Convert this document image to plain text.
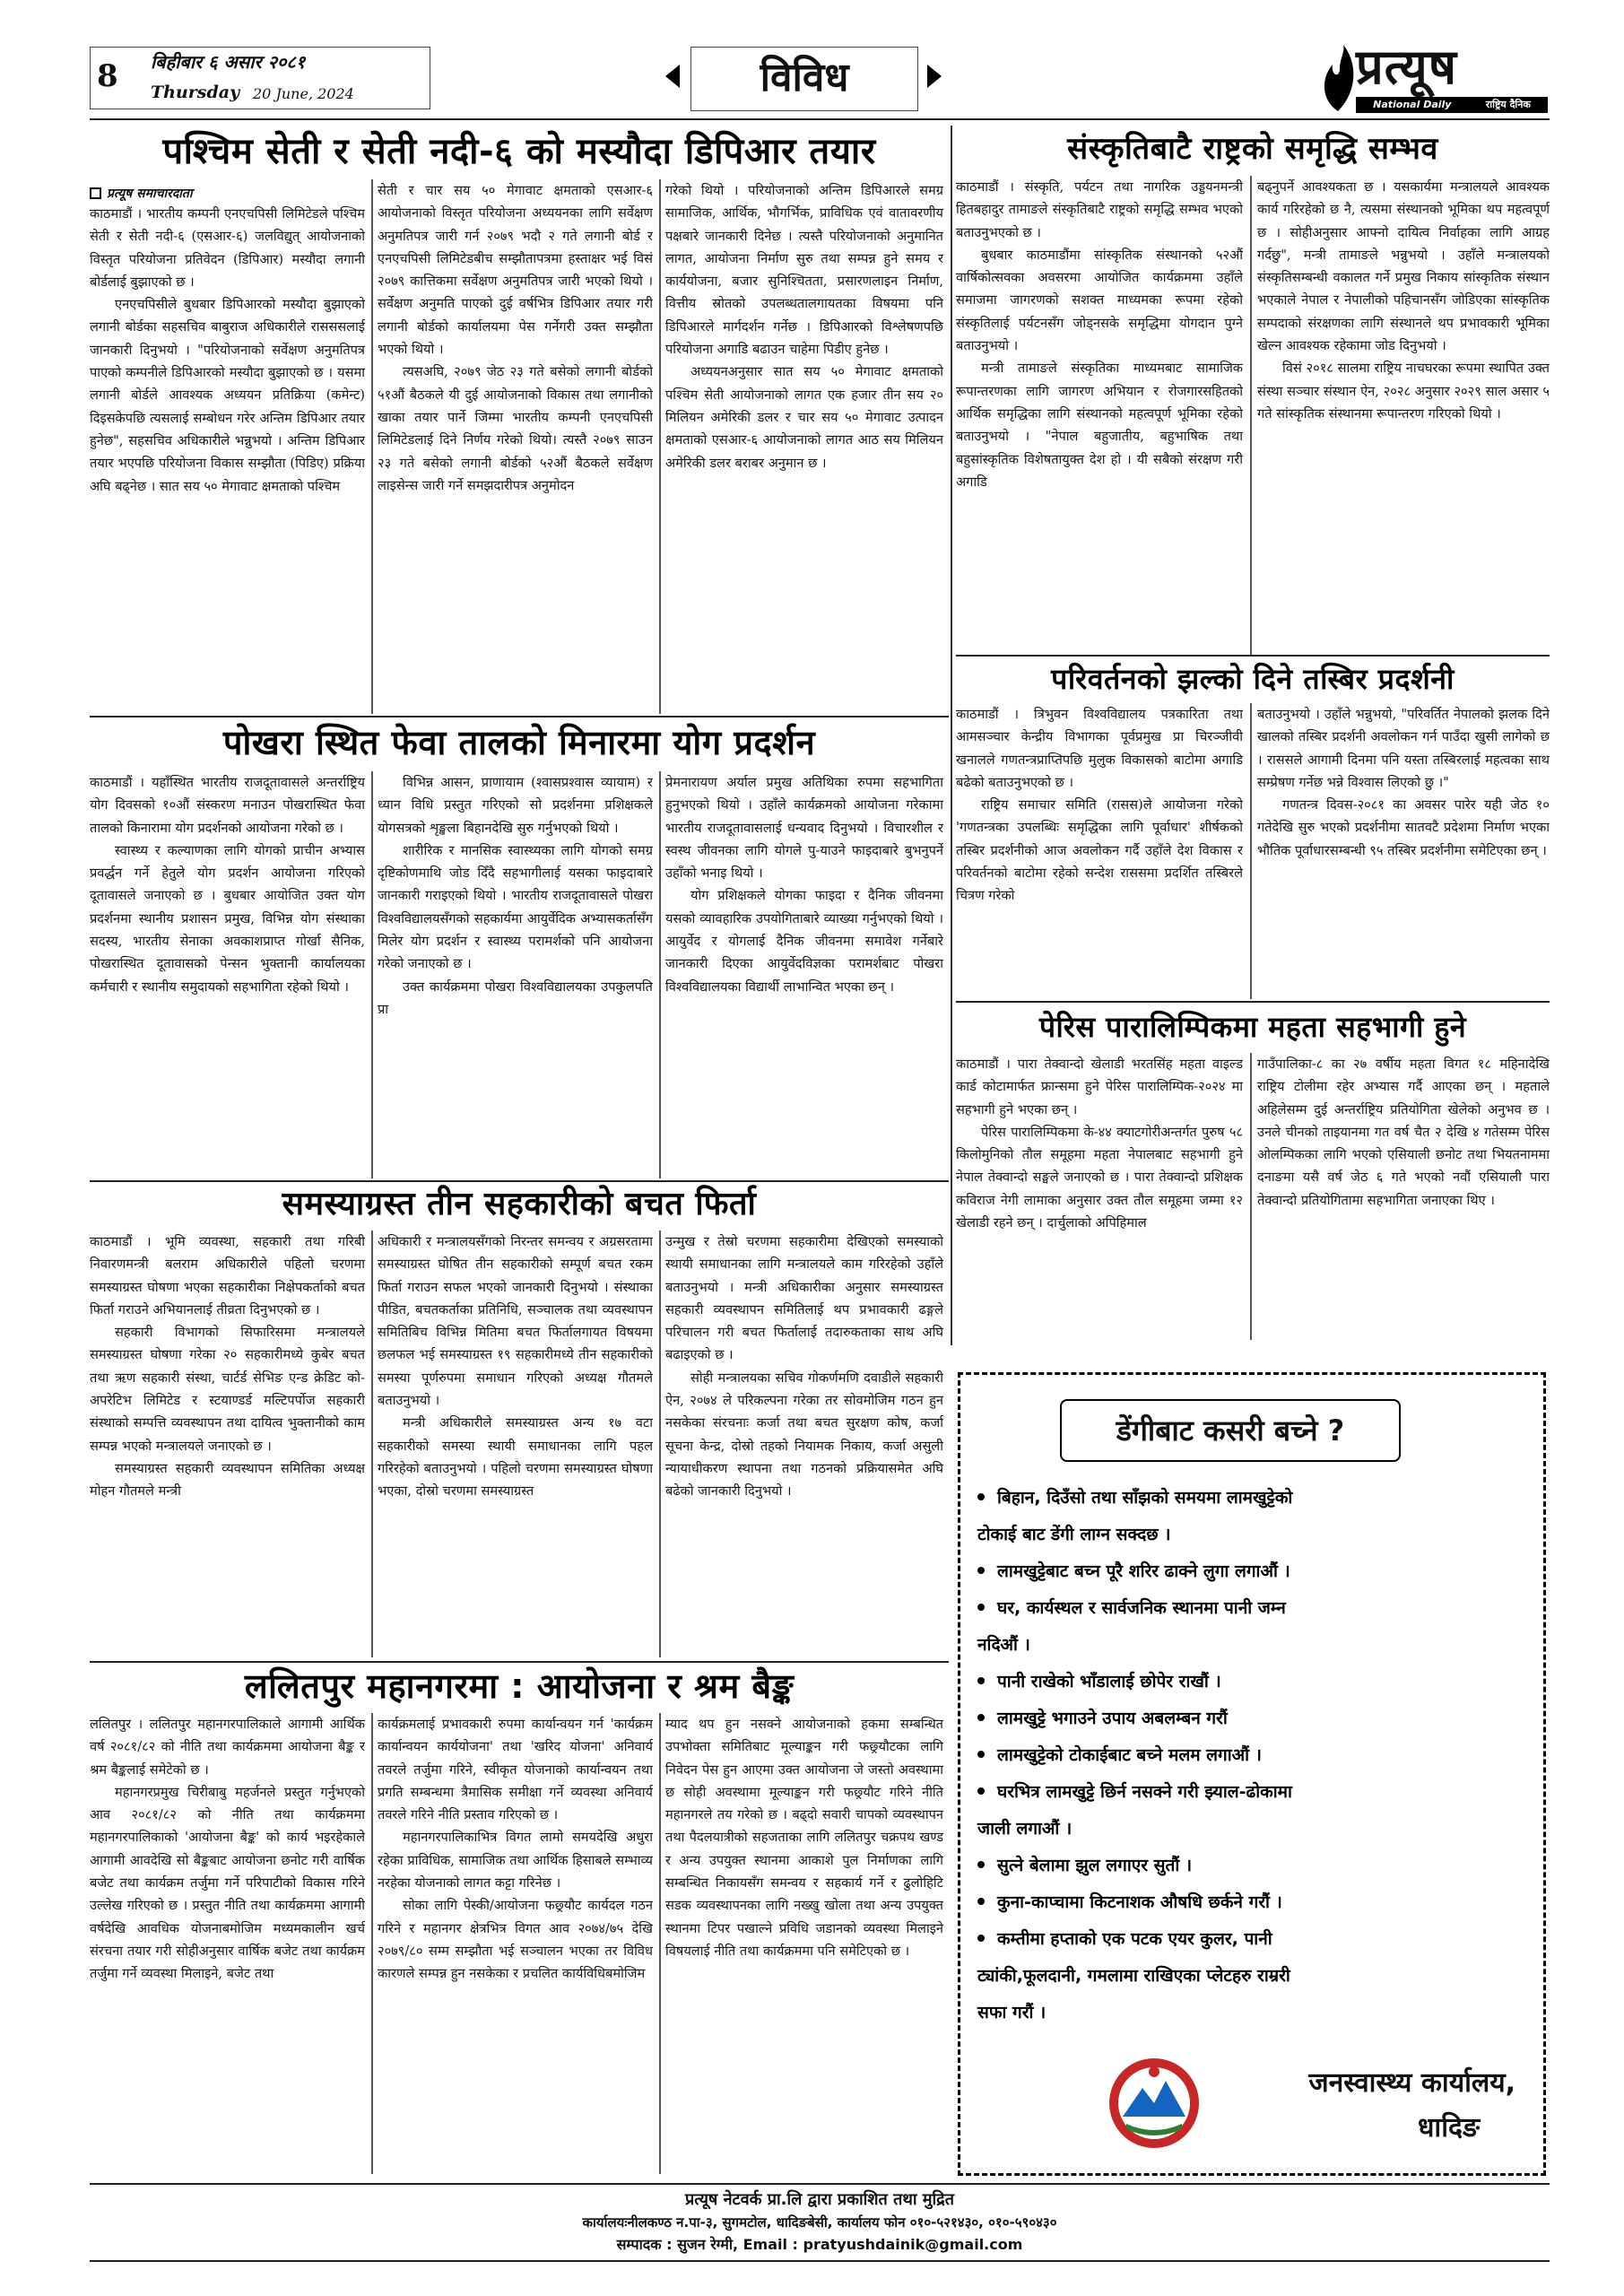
8 बिहीबार ६ असार २०८१
Thursday 20 June, 2024	विविध	प्रत्यूष
National Daily	राष्ट्रिय दैनिक
पश्चिम सेती र सेती नदी-६ को मस्यौदा डिपिआर तयार
प्रत्यूष समाचारदाता

काठमाडौं । भारतीय कम्पनी एनएचपिसी लिमिटेडले पश्चिम सेती र सेती नदी-६ (एसआर-६) जलविद्युत् आयोजनाको विस्तृत परियोजना प्रतिवेदन (डिपिआर) मस्यौदा लगानी बोर्डलाई बुझाएको छ ।

एनएचपिसीले बुधबार डिपिआरको मस्यौदा बुझाएको लगानी बोर्डका सहसचिव बाबुराज अधिकारीले रासससलाई जानकारी दिनुभयो । "परियोजनाको सर्वेक्षण अनुमतिपत्र पाएको कम्पनीले डिपिआरको मस्यौदा बुझाएको छ । यसमा लगानी बोर्डले आवश्यक अध्ययन प्रतिक्रिया (कमेन्ट) दिइसकेपछि त्यसलाई सम्बोधन गरेर अन्तिम डिपिआर तयार हुनेछ", सहसचिव अधिकारीले भन्नुभयो । अन्तिम डिपिआर तयार भएपछि परियोजना विकास सम्झौता (पिडिए) प्रक्रिया अघि बढ्नेछ । सात सय ५० मेगावाट क्षमताको पश्चिम

सेती र चार सय ५० मेगावाट क्षमताको एसआर-६ आयोजनाको विस्तृत परियोजना अध्ययनका लागि सर्वेक्षण अनुमतिपत्र जारी गर्न २०७९ भदौ २ गते लगानी बोर्ड र एनएचपिसी लिमिटेडबीच सम्झौतापत्रमा हस्ताक्षर भई विसं २०७९ कात्तिकमा सर्वेक्षण अनुमतिपत्र जारी भएको थियो । सर्वेक्षण अनुमति पाएको दुई वर्षभित्र डिपिआर तयार गरी लगानी बोर्डको कार्यालयमा पेस गर्नेगरी उक्त सम्झौता भएको थियो ।

त्यसअघि, २०७९ जेठ २३ गते बसेको लगानी बोर्डको ५१औं बैठकले यी दुई आयोजनाको विकास तथा लगानीको खाका तयार पार्ने जिम्मा भारतीय कम्पनी एनएचपिसी लिमिटेडलाई दिने निर्णय गरेको थियो। त्यस्तै २०७९ साउन २३ गते बसेको लगानी बोर्डको ५२औं बैठकले सर्वेक्षण लाइसेन्स जारी गर्ने समझदारीपत्र अनुमोदन

गरेको थियो । परियोजनाको अन्तिम डिपिआरले समग्र सामाजिक, आर्थिक, भौगर्भिक, प्राविधिक एवं वातावरणीय पक्षबारे जानकारी दिनेछ । त्यस्तै परियोजनाको अनुमानित लागत, आयोजना निर्माण सुरु तथा सम्पन्न हुने समय र कार्ययोजना, बजार सुनिश्चितता, प्रसारणलाइन निर्माण, वित्तीय स्रोतको उपलब्धतालगायतका विषयमा पनि डिपिआरले मार्गदर्शन गर्नेछ । डिपिआरको विश्लेषणपछि परियोजना अगाडि बढाउन चाहेमा पिडीए हुनेछ ।

अध्ययनअनुसार सात सय ५० मेगावाट क्षमताको पश्चिम सेती आयोजनाको लागत एक हजार तीन सय २० मिलियन अमेरिकी डलर र चार सय ५० मेगावाट उत्पादन क्षमताको एसआर-६ आयोजनाको लागत आठ सय मिलियन अमेरिकी डलर बराबर अनुमान छ ।

संस्कृतिबाटै राष्ट्रको समृद्धि सम्भव

काठमाडौं । संस्कृति, पर्यटन तथा नागरिक उड्डयनमन्त्री हितबहादुर तामाङले संस्कृतिबाटै राष्ट्रको समृद्धि सम्भव भएको बताउनुभएको छ ।

बुधबार काठमाडौंमा सांस्कृतिक संस्थानको ५२औं वार्षिकोत्सवका अवसरमा आयोजित कार्यक्रममा उहाँले समाजमा जागरणको सशक्त माध्यमका रूपमा रहेको संस्कृतिलाई पर्यटनसँग जोड्नसके समृद्धिमा योगदान पुग्ने बताउनुभयो ।

मन्त्री तामाङले संस्कृतिका माध्यमबाट सामाजिक रूपान्तरणका लागि जागरण अभियान र रोजगारसहितको आर्थिक समृद्धिका लागि संस्थानको महत्वपूर्ण भूमिका रहेको बताउनुभयो । "नेपाल बहुजातीय, बहुभाषिक तथा बहुसांस्कृतिक विशेषतायुक्त देश हो । यी सबैको संरक्षण गरी अगाडि

बढ्नुपर्ने आवश्यकता छ । यसकार्यमा मन्त्रालयले आवश्यक कार्य गरिरहेको छ नै, त्यसमा संस्थानको भूमिका थप महत्वपूर्ण छ । सोहीअनुसार आफ्नो दायित्व निर्वाहका लागि आग्रह गर्दछु", मन्त्री तामाङले भन्नुभयो । उहाँले मन्त्रालयको संस्कृतिसम्बन्धी वकालत गर्ने प्रमुख निकाय सांस्कृतिक संस्थान भएकाले नेपाल र नेपालीको पहिचानसँग जोडिएका सांस्कृतिक सम्पदाको संरक्षणका लागि संस्थानले थप प्रभावकारी भूमिका खेल्न आवश्यक रहेकामा जोड दिनुभयो ।

विसं २०१८ सालमा राष्ट्रिय नाचघरका रूपमा स्थापित उक्त संस्था सञ्चार संस्थान ऐन, २०२८ अनुसार २०२९ साल असार ५ गते सांस्कृतिक संस्थानमा रूपान्तरण गरिएको थियो ।

परिवर्तनको झल्को दिने तस्बिर प्रदर्शनी

काठमाडौं । त्रिभुवन विश्वविद्यालय पत्रकारिता तथा आमसञ्चार केन्द्रीय विभागका पूर्वप्रमुख प्रा चिरञ्जीवी खनालले गणतन्त्रप्राप्तिपछि मुलुक विकासको बाटोमा अगाडि बढेको बताउनुभएको छ ।

राष्ट्रिय समाचार समिति (रासस)ले आयोजना गरेको 'गणतन्त्रका उपलब्धिः समृद्धिका लागि पूर्वाधार' शीर्षकको तस्बिर प्रदर्शनीको आज अवलोकन गर्दै उहाँले देश विकास र परिवर्तनको बाटोमा रहेको सन्देश राससमा प्रदर्शित तस्बिरले चित्रण गरेको

बताउनुभयो । उहाँले भन्नुभयो, "परिवर्तित नेपालको झलक दिने खालको तस्बिर प्रदर्शनी अवलोकन गर्न पाउँदा खुसी लागेको छ । राससले आगामी दिनमा पनि यस्ता तस्बिरलाई महत्वका साथ सम्प्रेषण गर्नेछ भन्ने विश्वास लिएको छु ।"

गणतन्त्र दिवस-२०८१ का अवसर पारेर यही जेठ १० गतेदेखि सुरु भएको प्रदर्शनीमा सातवटै प्रदेशमा निर्माण भएका भौतिक पूर्वाधारसम्बन्धी ९५ तस्बिर प्रदर्शनीमा समेटिएका छन् ।

पेरिस पारालिम्पिकमा महता सहभागी हुने

काठमाडौं । पारा तेक्वान्दो खेलाडी भरतसिंह महता वाइल्ड कार्ड कोटामार्फत फ्रान्समा हुने पेरिस पारालिम्पिक-२०२४ मा सहभागी हुने भएका छन् ।

पेरिस पारालिम्पिकमा के-४४ क्याटगोरीअन्तर्गत पुरुष ५८ किलोमुनिको तौल समूहमा महता नेपालबाट सहभागी हुने नेपाल तेक्वान्दो सङ्घले जनाएको छ । पारा तेक्वान्दो प्रशिक्षक कविराज नेगी लामाका अनुसार उक्त तौल समूहमा जम्मा १२ खेलाडी रहने छन् । दार्चुलाको अपिहिमाल

गाउँपालिका-८ का २७ वर्षीय महता विगत १८ महिनादेखि राष्ट्रिय टोलीमा रहेर अभ्यास गर्दै आएका छन् । महताले अहिलेसम्म दुई अन्तर्राष्ट्रिय प्रतियोगिता खेलेको अनुभव छ । उनले चीनको ताइयानमा गत वर्ष चैत २ देखि ४ गतेसम्म पेरिस ओलम्पिकका लागि भएको एसियाली छनोट तथा भियतनाममा दनाङमा यसै वर्ष जेठ ६ गते भएको नवौं एसियाली पारा तेक्वान्दो प्रतियोगितामा सहभागिता जनाएका थिए ।

पोखरा स्थित फेवा तालको मिनारमा योग प्रदर्शन

काठमाडौं । यहाँस्थित भारतीय राजदूतावासले अन्तर्राष्ट्रिय योग दिवसको १०औं संस्करण मनाउन पोखरास्थित फेवा तालको किनारामा योग प्रदर्शनको आयोजना गरेको छ ।

स्वास्थ्य र कल्याणका लागि योगको प्राचीन अभ्यास प्रवर्द्धन गर्ने हेतुले योग प्रदर्शन आयोजना गरिएको दूतावासले जनाएको छ । बुधबार आयोजित उक्त योग प्रदर्शनमा स्थानीय प्रशासन प्रमुख, विभिन्न योग संस्थाका सदस्य, भारतीय सेनाका अवकाशप्राप्त गोर्खा सैनिक, पोखरास्थित दूतावासको पेन्सन भुक्तानी कार्यालयका कर्मचारी र स्थानीय समुदायको सहभागिता रहेको थियो ।

विभिन्न आसन, प्राणायाम (श्वासप्रश्वास व्यायाम) र ध्यान विधि प्रस्तुत गरिएको सो प्रदर्शनमा प्रशिक्षकले योगसत्रको शृङ्खला बिहानदेखि सुरु गर्नुभएको थियो ।

शारीरिक र मानसिक स्वास्थ्यका लागि योगको समग्र दृष्टिकोणमाथि जोड दिँदै सहभागीलाई यसका फाइदाबारे जानकारी गराइएको थियो । भारतीय राजदूतावासले पोखरा विश्वविद्यालयसँगको सहकार्यमा आयुर्वेदिक अभ्यासकर्तासँग मिलेर योग प्रदर्शन र स्वास्थ्य परामर्शको पनि आयोजना गरेको जनाएको छ ।

उक्त कार्यक्रममा पोखरा विश्वविद्यालयका उपकुलपति प्रा

प्रेमनारायण अर्याल प्रमुख अतिथिका रुपमा सहभागिता हुनुभएको थियो । उहाँले कार्यक्रमको आयोजना गरेकामा भारतीय राजदूतावासलाई धन्यवाद दिनुभयो । विचारशील र स्वस्थ जीवनका लागि योगले पु-याउने फाइदाबारे बुभनुपर्ने उहाँको भनाइ थियो ।

योग प्रशिक्षकले योगका फाइदा र दैनिक जीवनमा यसको व्यावहारिक उपयोगिताबारे व्याख्या गर्नुभएको थियो । आयुर्वेद र योगलाई दैनिक जीवनमा समावेश गर्नेबारे जानकारी दिएका आयुर्वेदविज्ञका परामर्शबाट पोखरा विश्वविद्यालयका विद्यार्थी लाभान्वित भएका छन् ।

समस्याग्रस्त तीन सहकारीको बचत फिर्ता

काठमाडौं । भूमि व्यवस्था, सहकारी तथा गरिबी निवारणमन्त्री बलराम अधिकारीले पहिलो चरणमा समस्याग्रस्त घोषणा भएका सहकारीका निक्षेपकर्ताको बचत फिर्ता गराउने अभियानलाई तीव्रता दिनुभएको छ ।

सहकारी विभागको सिफारिसमा मन्त्रालयले समस्याग्रस्त घोषणा गरेका २० सहकारीमध्ये कुबेर बचत तथा ऋण सहकारी संस्था, चार्टर्ड सेभिङ एन्ड क्रेडिट को-अपरेटिभ लिमिटेड र स्टयाण्डर्ड मल्टिपर्पोज सहकारी संस्थाको सम्पत्ति व्यवस्थापन तथा दायित्व भुक्तानीको काम सम्पन्न भएको मन्त्रालयले जनाएको छ ।

समस्याग्रस्त सहकारी व्यवस्थापन समितिका अध्यक्ष मोहन गौतमले मन्त्री

अधिकारी र मन्त्रालयसँगको निरन्तर समन्वय र अग्रसरतामा समस्याग्रस्त घोषित तीन सहकारीको सम्पूर्ण बचत रकम फिर्ता गराउन सफल भएको जानकारी दिनुभयो । संस्थाका पीडित, बचतकर्ताका प्रतिनिधि, सञ्चालक तथा व्यवस्थापन समितिबिच विभिन्न मितिमा बचत फिर्तालगायत विषयमा छलफल भई समस्याग्रस्त १९ सहकारीमध्ये तीन सहकारीको समस्या पूर्णरुपमा समाधान गरिएको अध्यक्ष गौतमले बताउनुभयो ।

मन्त्री अधिकारीले समस्याग्रस्त अन्य १७ वटा सहकारीको समस्या स्थायी समाधानका लागि पहल गरिरहेको बताउनुभयो । पहिलो चरणमा समस्याग्रस्त घोषणा भएका, दोस्रो चरणमा समस्याग्रस्त

उन्मुख र तेस्रो चरणमा सहकारीमा देखिएको समस्याको स्थायी समाधानका लागि मन्त्रालयले काम गरिरहेको उहाँले बताउनुभयो । मन्त्री अधिकारीका अनुसार समस्याग्रस्त सहकारी व्यवस्थापन समितिलाई थप प्रभावकारी ढङ्गले परिचालन गरी बचत फिर्तालाई तदारुकताका साथ अघि बढाइएको छ ।

सोही मन्त्रालयका सचिव गोकर्णमणि दवाडीले सहकारी ऐन, २०७४ ले परिकल्पना गरेका तर सोवमोजिम गठन हुन नसकेका संरचनाः कर्जा तथा बचत सुरक्षण कोष, कर्जा सूचना केन्द्र, दोस्रो तहको नियामक निकाय, कर्जा असुली न्यायाधीकरण स्थापना तथा गठनको प्रक्रियासमेत अघि बढेको जानकारी दिनुभयो ।

ललितपुर महानगरमा : आयोजना र श्रम बैङ्क

ललितपुर । ललितपुर महानगरपालिकाले आगामी आर्थिक वर्ष २०८१/८२ को नीति तथा कार्यक्रममा आयोजना बैङ्क र श्रम बैङ्कलाई समेटेको छ ।

महानगरप्रमुख चिरीबाबु महर्जनले प्रस्तुत गर्नुभएको आव २०८१/८२ को नीति तथा कार्यक्रममा महानगरपालिकाको 'आयोजना बैङ्क' को कार्य भइरहेकाले आगामी आवदेखि सो बैङ्कबाट आयोजना छनोट गरी वार्षिक बजेट तथा कार्यक्रम तर्जुमा गर्ने परिपाटीको विकास गरिने उल्लेख गरिएको छ । प्रस्तुत नीति तथा कार्यक्रममा आगामी वर्षदेखि आवधिक योजनाबमोजिम मध्यमकालीन खर्च संरचना तयार गरी सोहीअनुसार वार्षिक बजेट तथा कार्यक्रम तर्जुमा गर्ने व्यवस्था मिलाइने, बजेट तथा

कार्यक्रमलाई प्रभावकारी रुपमा कार्यान्वयन गर्न 'कार्यक्रम कार्यान्वयन कार्ययोजना' तथा 'खरिद योजना' अनिवार्य तवरले तर्जुमा गरिने, स्वीकृत योजनाको कार्यान्वयन तथा प्रगति सम्बन्धमा त्रैमासिक समीक्षा गर्ने व्यवस्था अनिवार्य तवरले गरिने नीति प्रस्ताव गरिएको छ ।

महानगरपालिकाभित्र विगत लामो समयदेखि अधुरा रहेका प्राविधिक, सामाजिक तथा आर्थिक हिसाबले सम्भाव्य नरहेका योजनाको लागत कट्टा गरिनेछ ।

सोका लागि पेस्की/आयोजना फछ्र्यौट कार्यदल गठन गरिने र महानगर क्षेत्रभित्र विगत आव २०७४/७५ देखि २०७९/८० सम्म सम्झौता भई सञ्चालन भएका तर विविध कारणले सम्पन्न हुन नसकेका र प्रचलित कार्यविधिबमोजिम

म्याद थप हुन नसक्ने आयोजनाको हकमा सम्बन्धित उपभोक्ता समितिबाट मूल्याङ्कन गरी फछ्र्यौटका लागि निवेदन पेस हुन आएमा उक्त आयोजना जे जस्तो अवस्थामा छ सोही अवस्थामा मूल्याङ्कन गरी फछ्र्यौट गरिने नीति महानगरले तय गरेको छ । बढ्दो सवारी चापको व्यवस्थापन तथा पैदलयात्रीको सहजताका लागि ललितपुर चक्रपथ खण्ड र अन्य उपयुक्त स्थानमा आकाशे पुल निर्माणका लागि सम्बन्धित निकायसँग समन्वय र सहकार्य गर्ने र ढुलोहिटि सडक व्यवस्थापनका लागि नख्खु खोला तथा अन्य उपयुक्त स्थानमा टिपर पखाल्ने प्रविधि जडानको व्यवस्था मिलाइने विषयलाई नीति तथा कार्यक्रममा पनि समेटिएको छ ।

डेंगीबाट कसरी बच्ने ?
बिहान, दिउँसो तथा साँझको समयमा लामखुट्टेको
टोकाई बाट डेंगी लाग्न सक्दछ ।
लामखुट्टेबाट बच्न पूरै शरिर ढाक्ने लुगा लगाऔं ।
घर, कार्यस्थल र सार्वजनिक स्थानमा पानी जम्न
नदिऔं ।
पानी राखेको भाँडालाई छोपेर राखौं ।
लामखुट्टे भगाउने उपाय अबलम्बन गरौं
लामखुट्टेको टोकाईबाट बच्ने मलम लगाऔं ।
घरभित्र लामखुट्टे छिर्न नसक्ने गरी झ्याल-ढोकामा
जाली लगाऔं ।
सुत्ने बेलामा झुल लगाएर सुतौं ।
कुना-काप्चामा किटनाशक औषधि छर्कने गरौं ।
कम्तीमा हप्ताको एक पटक एयर कुलर, पानी
ट्यांकी,फूलदानी, गमलामा राखिएका प्लेटहरु राम्ररी
सफा गरौं ।
जनस्वास्थ्य कार्यालय,
धादिङ
प्रत्यूष नेटवर्क प्रा.लि द्वारा प्रकाशित तथा मुद्रित
कार्यालयःनीलकण्ठ न.पा-३, सुगमटोल, धादिङबेसी, कार्यालय फोन ०१०-५२१४३०, ०१०-५९०४३०
सम्पादक : सुजन रेग्मी, Email : pratyushdainik@gmail.com
